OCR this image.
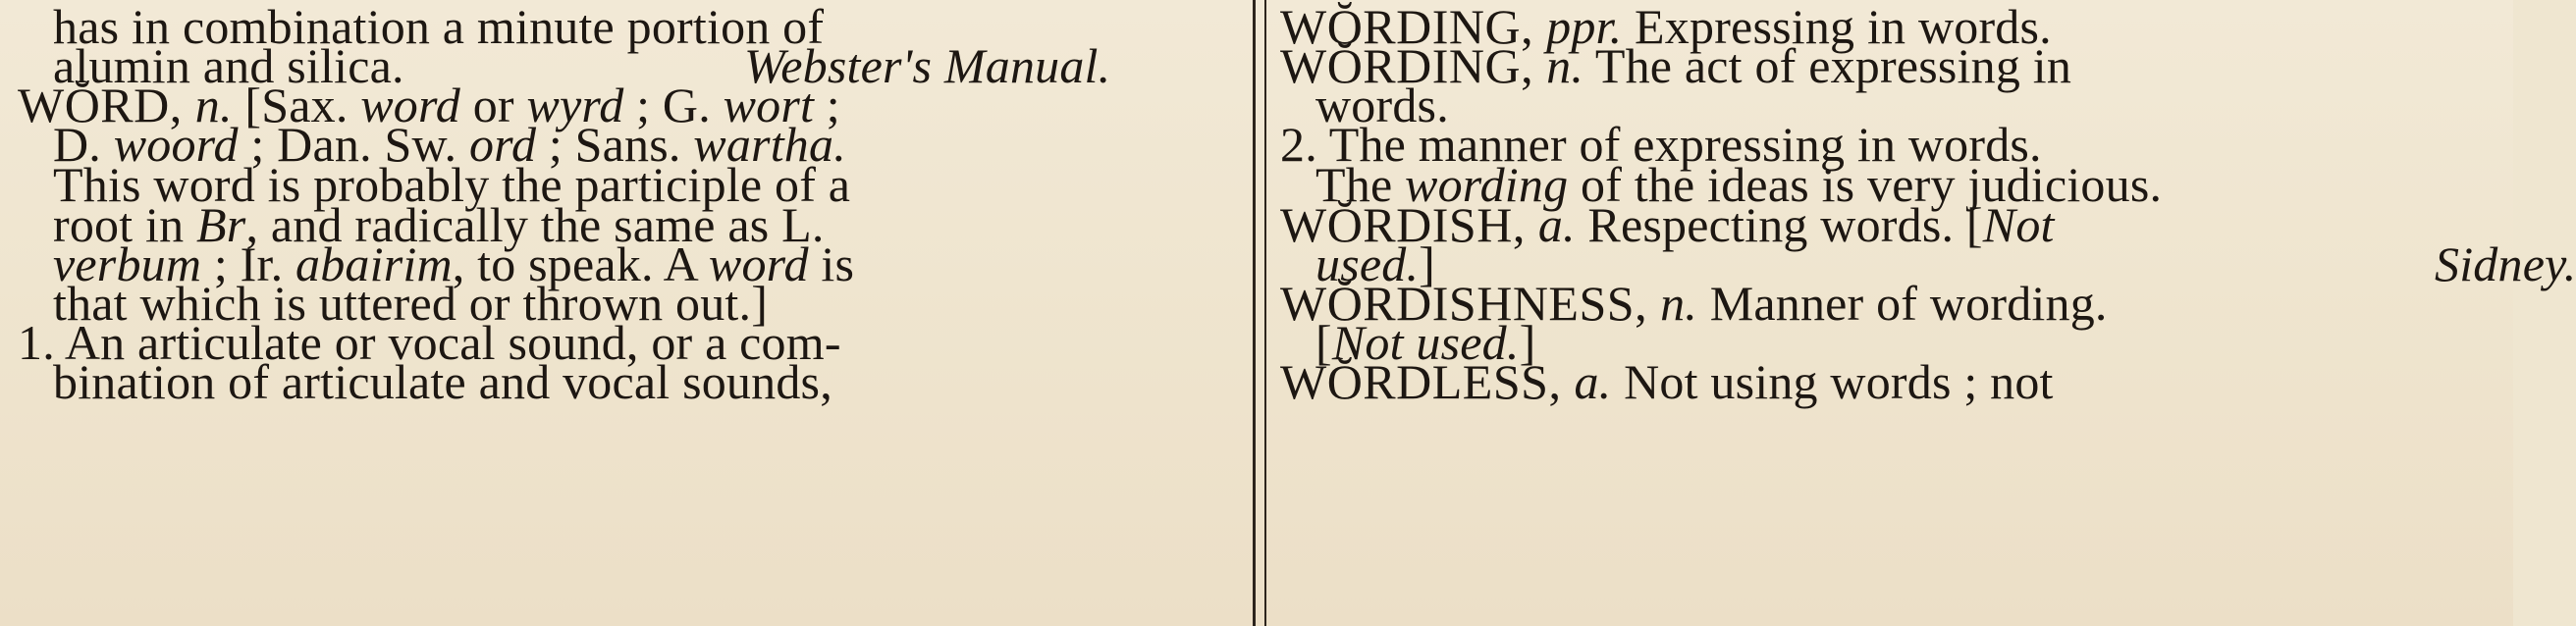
has in combination a minute portion of
alumin and silica.	Webster's Manual.
WŎRD, n. [Sax. word or wyrd ; G. wort ;
D. woord ; Dan. Sw. ord ; Sans. wartha.
This word is probably the participle of a
root in Br, and radically the same as L.
verbum ; Ir. abairim, to speak. A word is
that which is uttered or thrown out.]
1. An articulate or vocal sound, or a com-
bination of articulate and vocal sounds,
WŎRDING, ppr. Expressing in words.
WŎRDING, n. The act of expressing in
words.
2. The manner of expressing in words.
The wording of the ideas is very judicious.
WŎRDISH, a. Respecting words. [Not
used.]	Sidney.
WŎRDISHNESS, n. Manner of wording.
[Not used.]
WŎRDLESS, a. Not using words ; not
